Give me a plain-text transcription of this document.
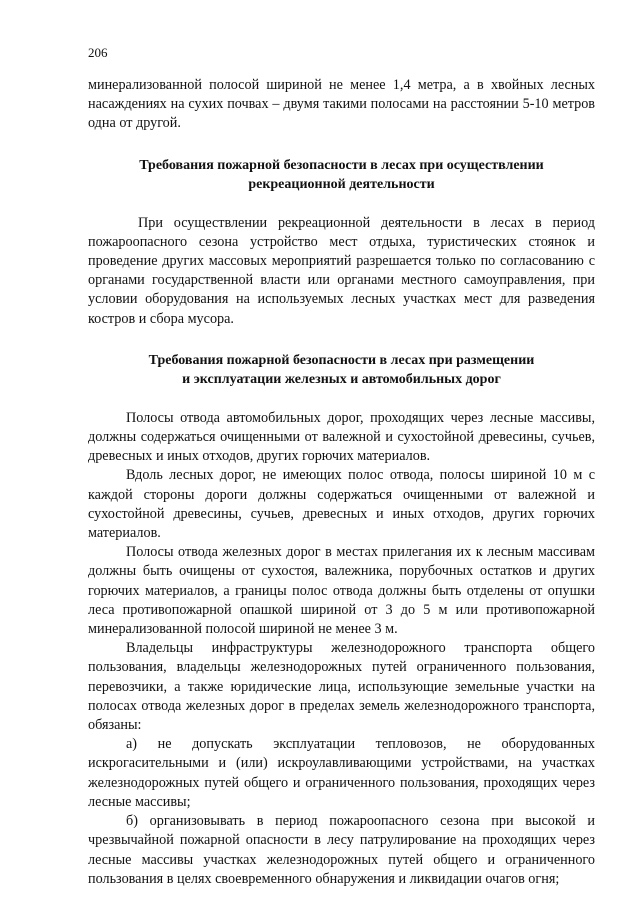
206

минерализованной полосой шириной не менее 1,4 метра, а в хвойных лесных насаждениях на сухих почвах – двумя такими полосами на расстоянии 5-10 метров одна от другой.

Требования пожарной безопасности в лесах при осуществлении
рекреационной деятельности

При осуществлении рекреационной деятельности в лесах в период пожароопасного сезона устройство мест отдыха, туристических стоянок и проведение других массовых мероприятий разрешается только по согласованию с органами государственной власти или органами местного самоуправления, при условии оборудования на используемых лесных участках мест для разведения костров и сбора мусора.

Требования пожарной безопасности в лесах при размещении
и эксплуатации железных и автомобильных дорог

Полосы отвода автомобильных дорог, проходящих через лесные массивы, должны содержаться очищенными от валежной и сухостойной древесины, сучьев, древесных и иных отходов, других горючих материалов.

Вдоль лесных дорог, не имеющих полос отвода, полосы шириной 10 м с каждой стороны дороги должны содержаться очищенными от валежной и сухостойной древесины, сучьев, древесных и иных отходов, других горючих материалов.

Полосы отвода железных дорог в местах прилегания их к лесным массивам должны быть очищены от сухостоя, валежника, порубочных остатков и других горючих материалов, а границы полос отвода должны быть отделены от опушки леса противопожарной опашкой шириной от 3 до 5 м или противопожарной минерализованной полосой шириной не менее 3 м.

Владельцы инфраструктуры железнодорожного транспорта общего пользования, владельцы железнодорожных путей ограниченного пользования, перевозчики, а также юридические лица, использующие земельные участки на полосах отвода железных дорог в пределах земель железнодорожного транспорта, обязаны:

а) не допускать эксплуатации тепловозов, не оборудованных искрогасительными и (или) искроулавливающими устройствами, на участках железнодорожных путей общего и ограниченного пользования, проходящих через лесные массивы;

б) организовывать в период пожароопасного сезона при высокой и чрезвычайной пожарной опасности в лесу патрулирование на проходящих через лесные массивы участках железнодорожных путей общего и ограниченного пользования в целях своевременного обнаружения и ликвидации очагов огня;
